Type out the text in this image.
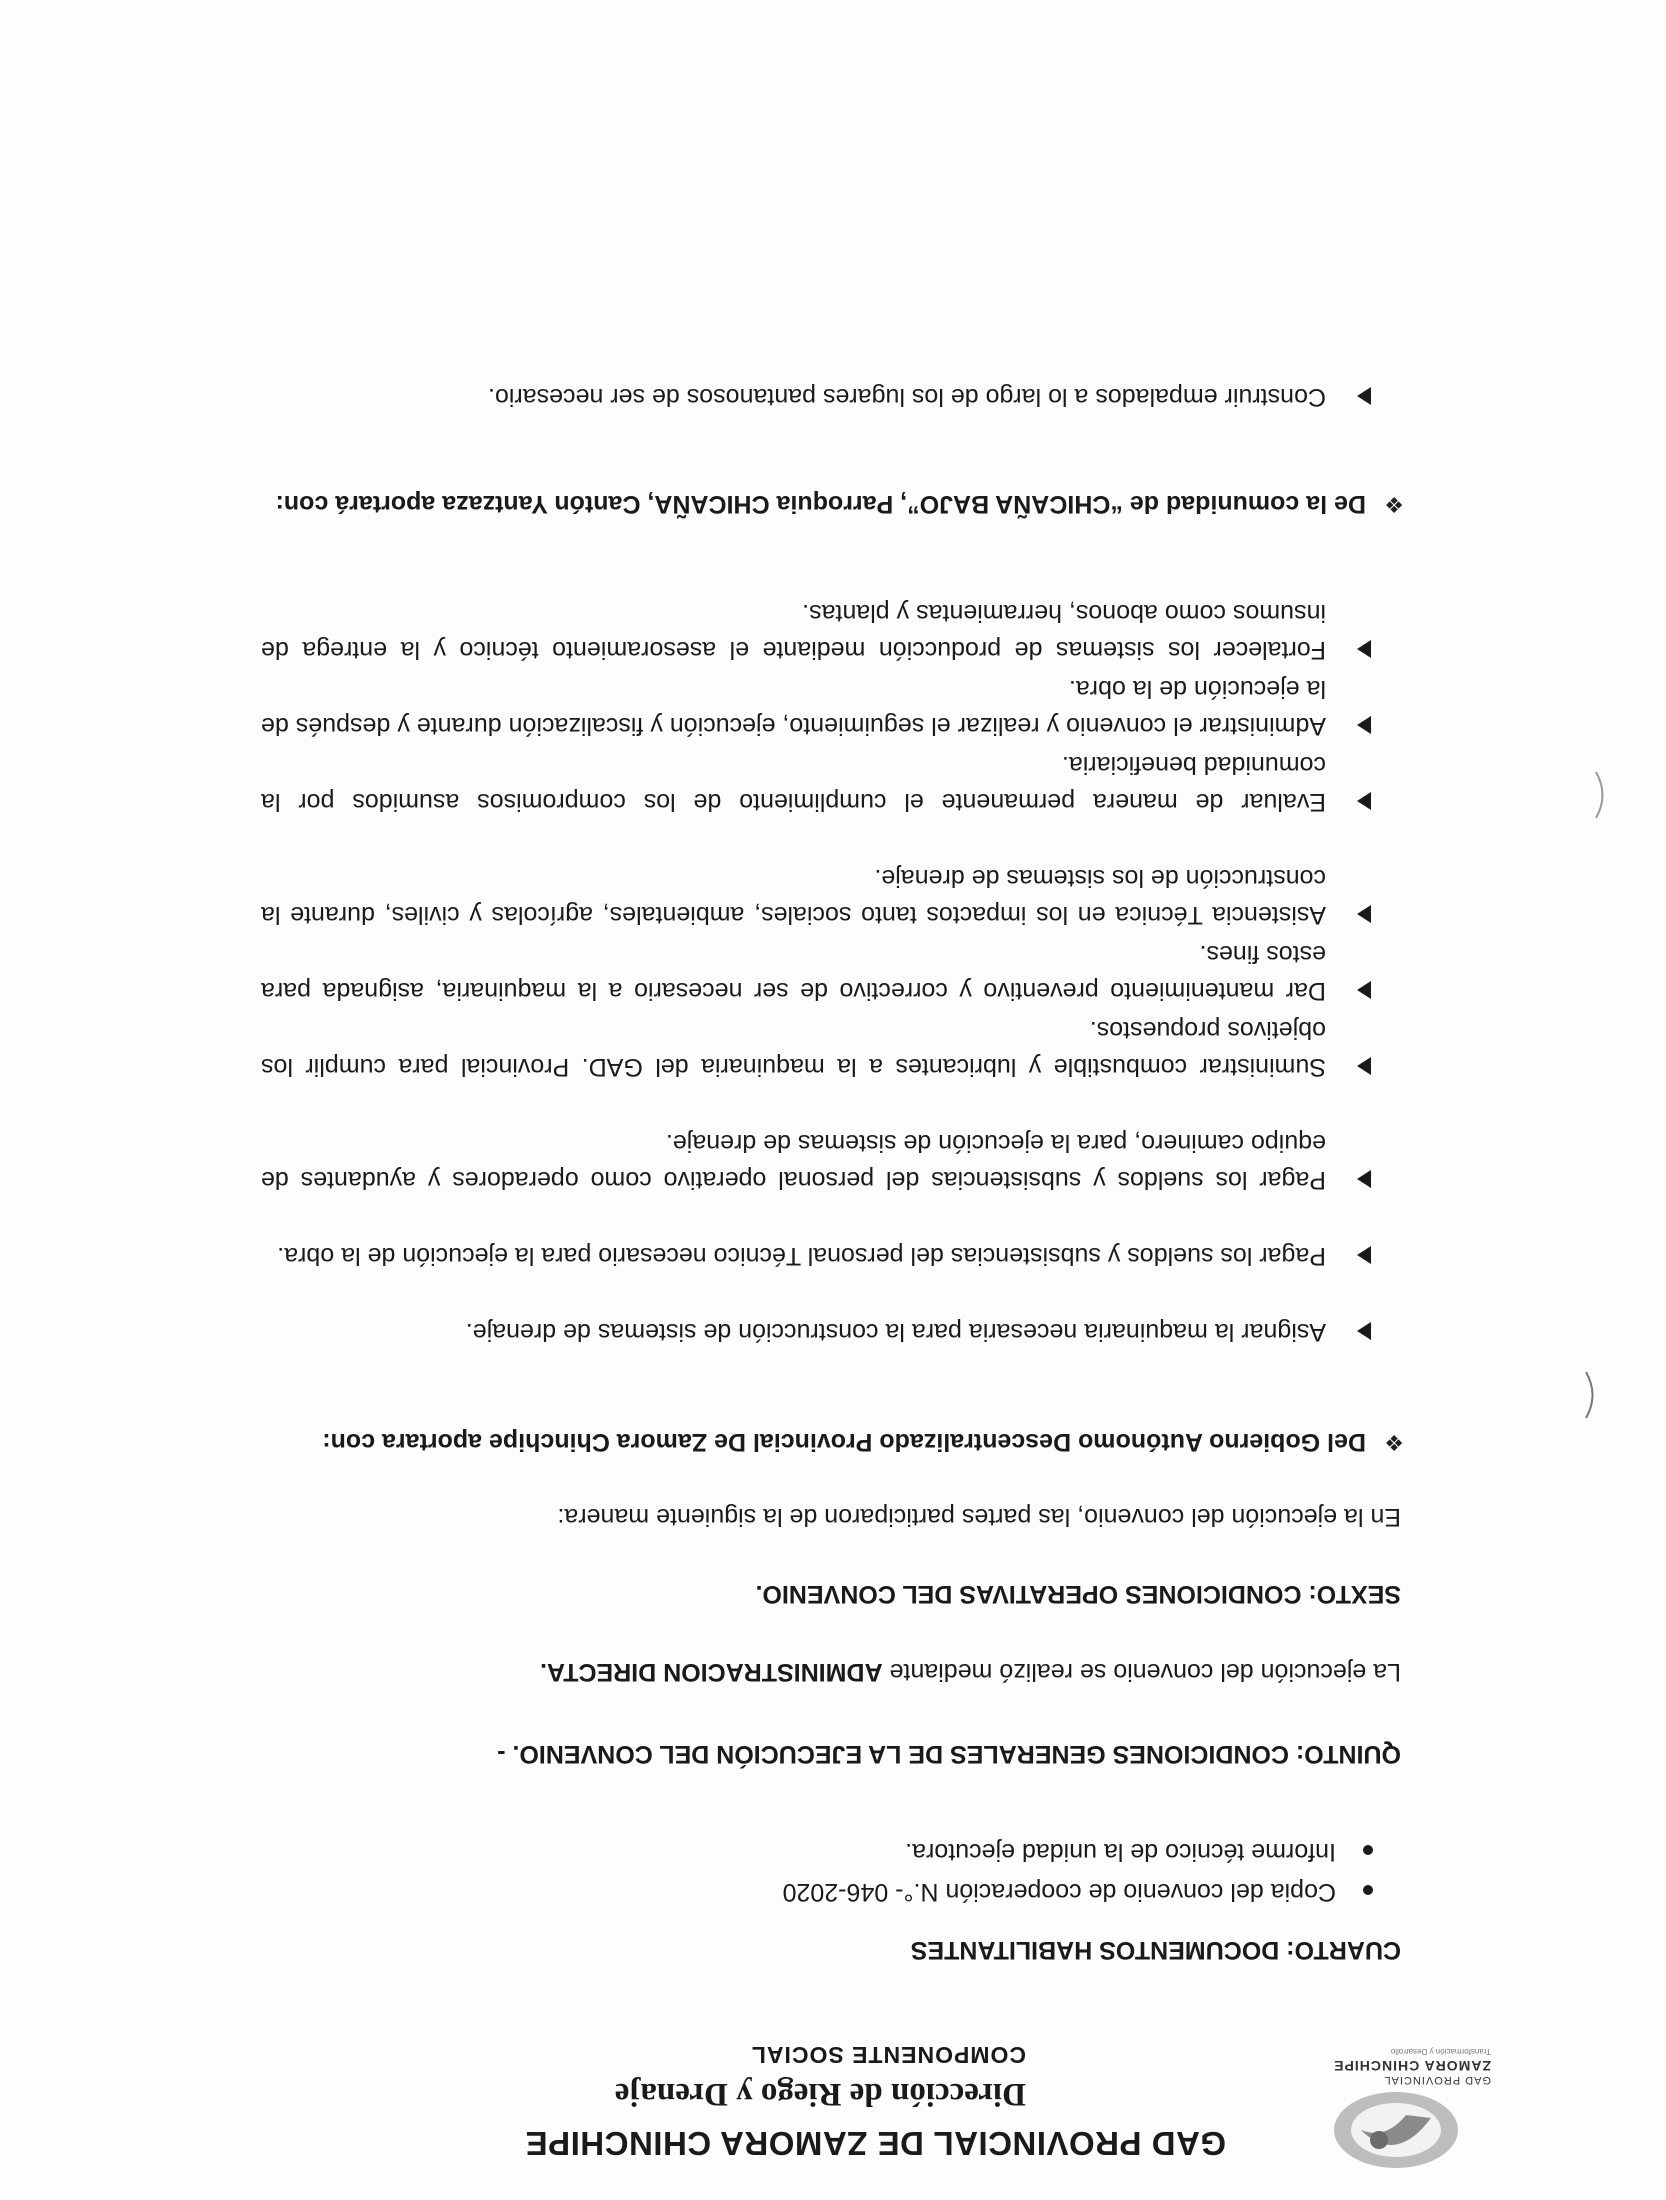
GAD PROVINCIAL
ZAMORA CHINCHIPE
Transformación y Desarrollo
GAD PROVINCIAL DE ZAMORA CHINCHIPE
Dirección de Riego y Drenaje
COMPONENTE SOCIAL
CUARTO: DOCUMENTOS HABILITANTES
Copia del convenio de cooperación N.°- 046-2020
Informe técnico de la unidad ejecutora.
QUINTO: CONDICIONES GENERALES DE LA EJECUCIÓN DEL CONVENIO. -
La ejecución del convenio se realizó mediante ADMINISTRACION DIRECTA.
SEXTO: CONDICIONES OPERATIVAS DEL CONVENIO.
En la ejecución del convenio, las partes participaron de la siguiente manera:
❖
Del Gobierno Autónomo Descentralizado Provincial De Zamora Chinchipe aportara con:
Asignar la maquinaria necesaria para la construcción de sistemas de drenaje.
Pagar los sueldos y subsistencias del personal Técnico necesario para la ejecución de la obra.
Pagar los sueldos y subsistencias del personal operativo como operadores y ayudantes de equipo caminero, para la ejecución de sistemas de drenaje.
Suministrar combustible y lubricantes a la maquinaria del GAD. Provincial para cumplir los objetivos propuestos.
Dar mantenimiento preventivo y correctivo de ser necesario a la maquinaria, asignada para estos fines.
Asistencia Técnica en los impactos tanto sociales, ambientales, agrícolas y civiles, durante la construcción de los sistemas de drenaje.
Evaluar de manera permanente el cumplimiento de los compromisos asumidos por la comunidad beneficiaria.
Administrar el convenio y realizar el seguimiento, ejecución y fiscalización durante y después de la ejecución de la obra.
Fortalecer los sistemas de producción mediante el asesoramiento técnico y la entrega de insumos como abonos, herramientas y plantas.
❖
De la comunidad de “CHICAÑA BAJO”, Parroquia CHICAÑA, Cantón Yantzaza aportará con:
Construir empalados a lo largo de los lugares pantanosos de ser necesario.
